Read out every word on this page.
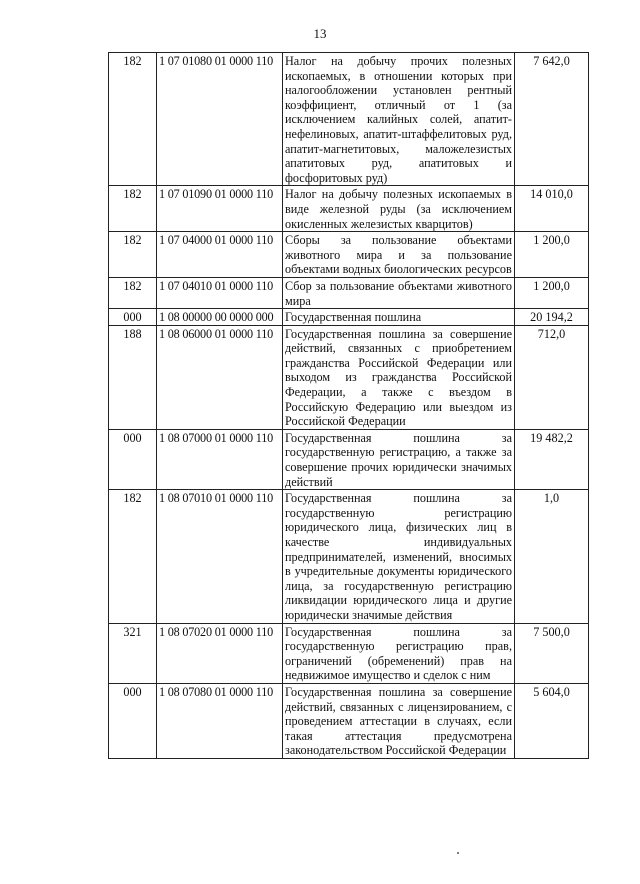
13
182	1 07 01080 01 0000 110	Налог на добычу прочих полезных ископаемых, в отношении которых при налогообложении установлен рентный коэффициент, отличный от 1 (за исключением калийных солей, апатит-нефелиновых, апатит-штаффелитовых руд, апатит-магнетитовых, маложелезистых апатитовых руд, апатитовых и фосфоритовых руд)	7 642,0
182	1 07 01090 01 0000 110	Налог на добычу полезных ископаемых в виде железной руды (за исключением окисленных железистых кварцитов)	14 010,0
182	1 07 04000 01 0000 110	Сборы за пользование объектами животного мира и за пользование объектами водных биологических ресурсов	1 200,0
182	1 07 04010 01 0000 110	Сбор за пользование объектами животного мира	1 200,0
000	1 08 00000 00 0000 000	Государственная пошлина	20 194,2
188	1 08 06000 01 0000 110	Государственная пошлина за совершение действий, связанных с приобретением гражданства Российской Федерации или выходом из гражданства Российской Федерации, а также с въездом в Российскую Федерацию или выездом из Российской Федерации	712,0
000	1 08 07000 01 0000 110	Государственная пошлина за государственную регистрацию, а также за совершение прочих юридически значимых действий	19 482,2
182	1 08 07010 01 0000 110	Государственная пошлина за государственную регистрацию юридического лица, физических лиц в качестве индивидуальных предпринимателей, изменений, вносимых в учредительные документы юридического лица, за государственную регистрацию ликвидации юридического лица и другие юридически значимые действия	1,0
321	1 08 07020 01 0000 110	Государственная пошлина за государственную регистрацию прав, ограничений (обременений) прав на недвижимое имущество и сделок с ним	7 500,0
000	1 08 07080 01 0000 110	Государственная пошлина за совершение действий, связанных с лицензированием, с проведением аттестации в случаях, если такая аттестация предусмотрена законодательством Российской Федерации	5 604,0
